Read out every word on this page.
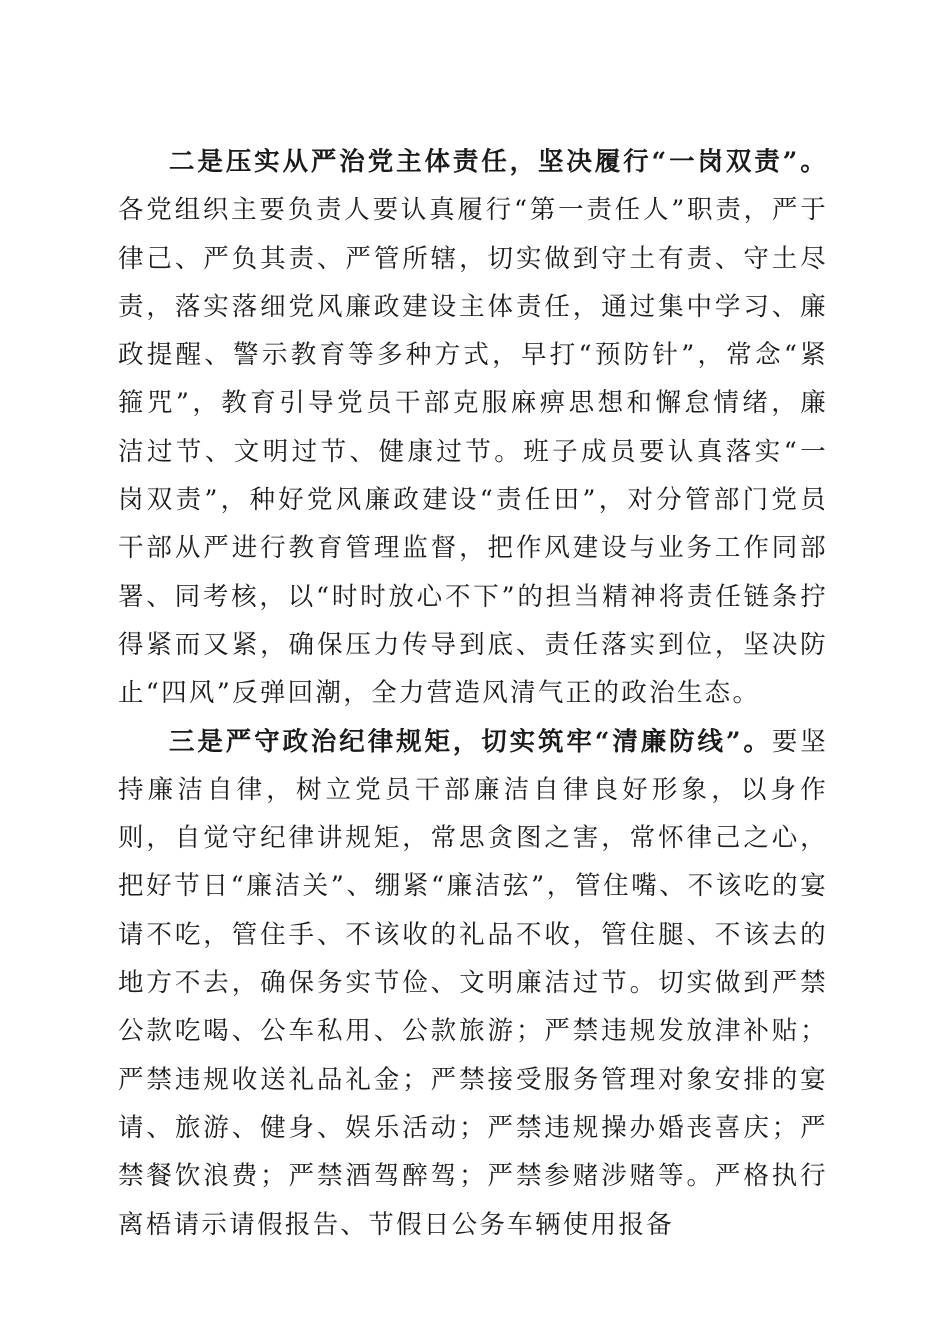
二是压实从严治党主体责任，坚决履行“一岗双责”。各党组织主要负责人要认真履行“第一责任人”职责，严于律己、严负其责、严管所辖，切实做到守土有责、守土尽责，落实落细党风廉政建设主体责任，通过集中学习、廉政提醒、警示教育等多种方式，早打“预防针”，常念“紧箍咒”，教育引导党员干部克服麻痹思想和懈怠情绪，廉洁过节、文明过节、健康过节。班子成员要认真落实“一岗双责”，种好党风廉政建设“责任田”，对分管部门党员干部从严进行教育管理监督，把作风建设与业务工作同部署、同考核，以“时时放心不下”的担当精神将责任链条拧得紧而又紧，确保压力传导到底、责任落实到位，坚决防止“四风”反弹回潮，全力营造风清气正的政治生态。

三是严守政治纪律规矩，切实筑牢“清廉防线”。要坚持廉洁自律，树立党员干部廉洁自律良好形象，以身作则，自觉守纪律讲规矩，常思贪图之害，常怀律己之心，把好节日“廉洁关”、绷紧“廉洁弦”，管住嘴、不该吃的宴请不吃，管住手、不该收的礼品不收，管住腿、不该去的地方不去，确保务实节俭、文明廉洁过节。切实做到严禁公款吃喝、公车私用、公款旅游；严禁违规发放津补贴；严禁违规收送礼品礼金；严禁接受服务管理对象安排的宴请、旅游、健身、娱乐活动；严禁违规操办婚丧喜庆；严禁餐饮浪费；严禁酒驾醉驾；严禁参赌涉赌等。严格执行离梧请示请假报告、节假日公务车辆使用报备
